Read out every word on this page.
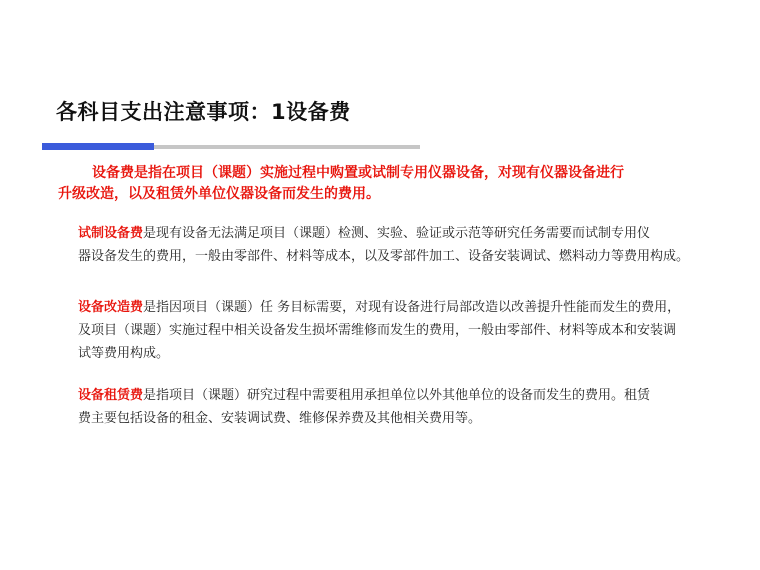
各科目支出注意事项：1设备费
设备费是指在项目（课题）实施过程中购置或试制专用仪器设备，对现有仪器设备进行
升级改造，以及租赁外单位仪器设备而发生的费用。
试制设备费是现有设备无法满足项目（课题）检测、实验、验证或示范等研究任务需要而试制专用仪
器设备发生的费用，一般由零部件、材料等成本，以及零部件加工、设备安装调试、燃料动力等费用构成。
设备改造费是指因项目（课题）任 务目标需要，对现有设备进行局部改造以改善提升性能而发生的费用，
及项目（课题）实施过程中相关设备发生损坏需维修而发生的费用，一般由零部件、材料等成本和安装调
试等费用构成。
设备租赁费是指项目（课题）研究过程中需要租用承担单位以外其他单位的设备而发生的费用。租赁
费主要包括设备的租金、安装调试费、维修保养费及其他相关费用等。
